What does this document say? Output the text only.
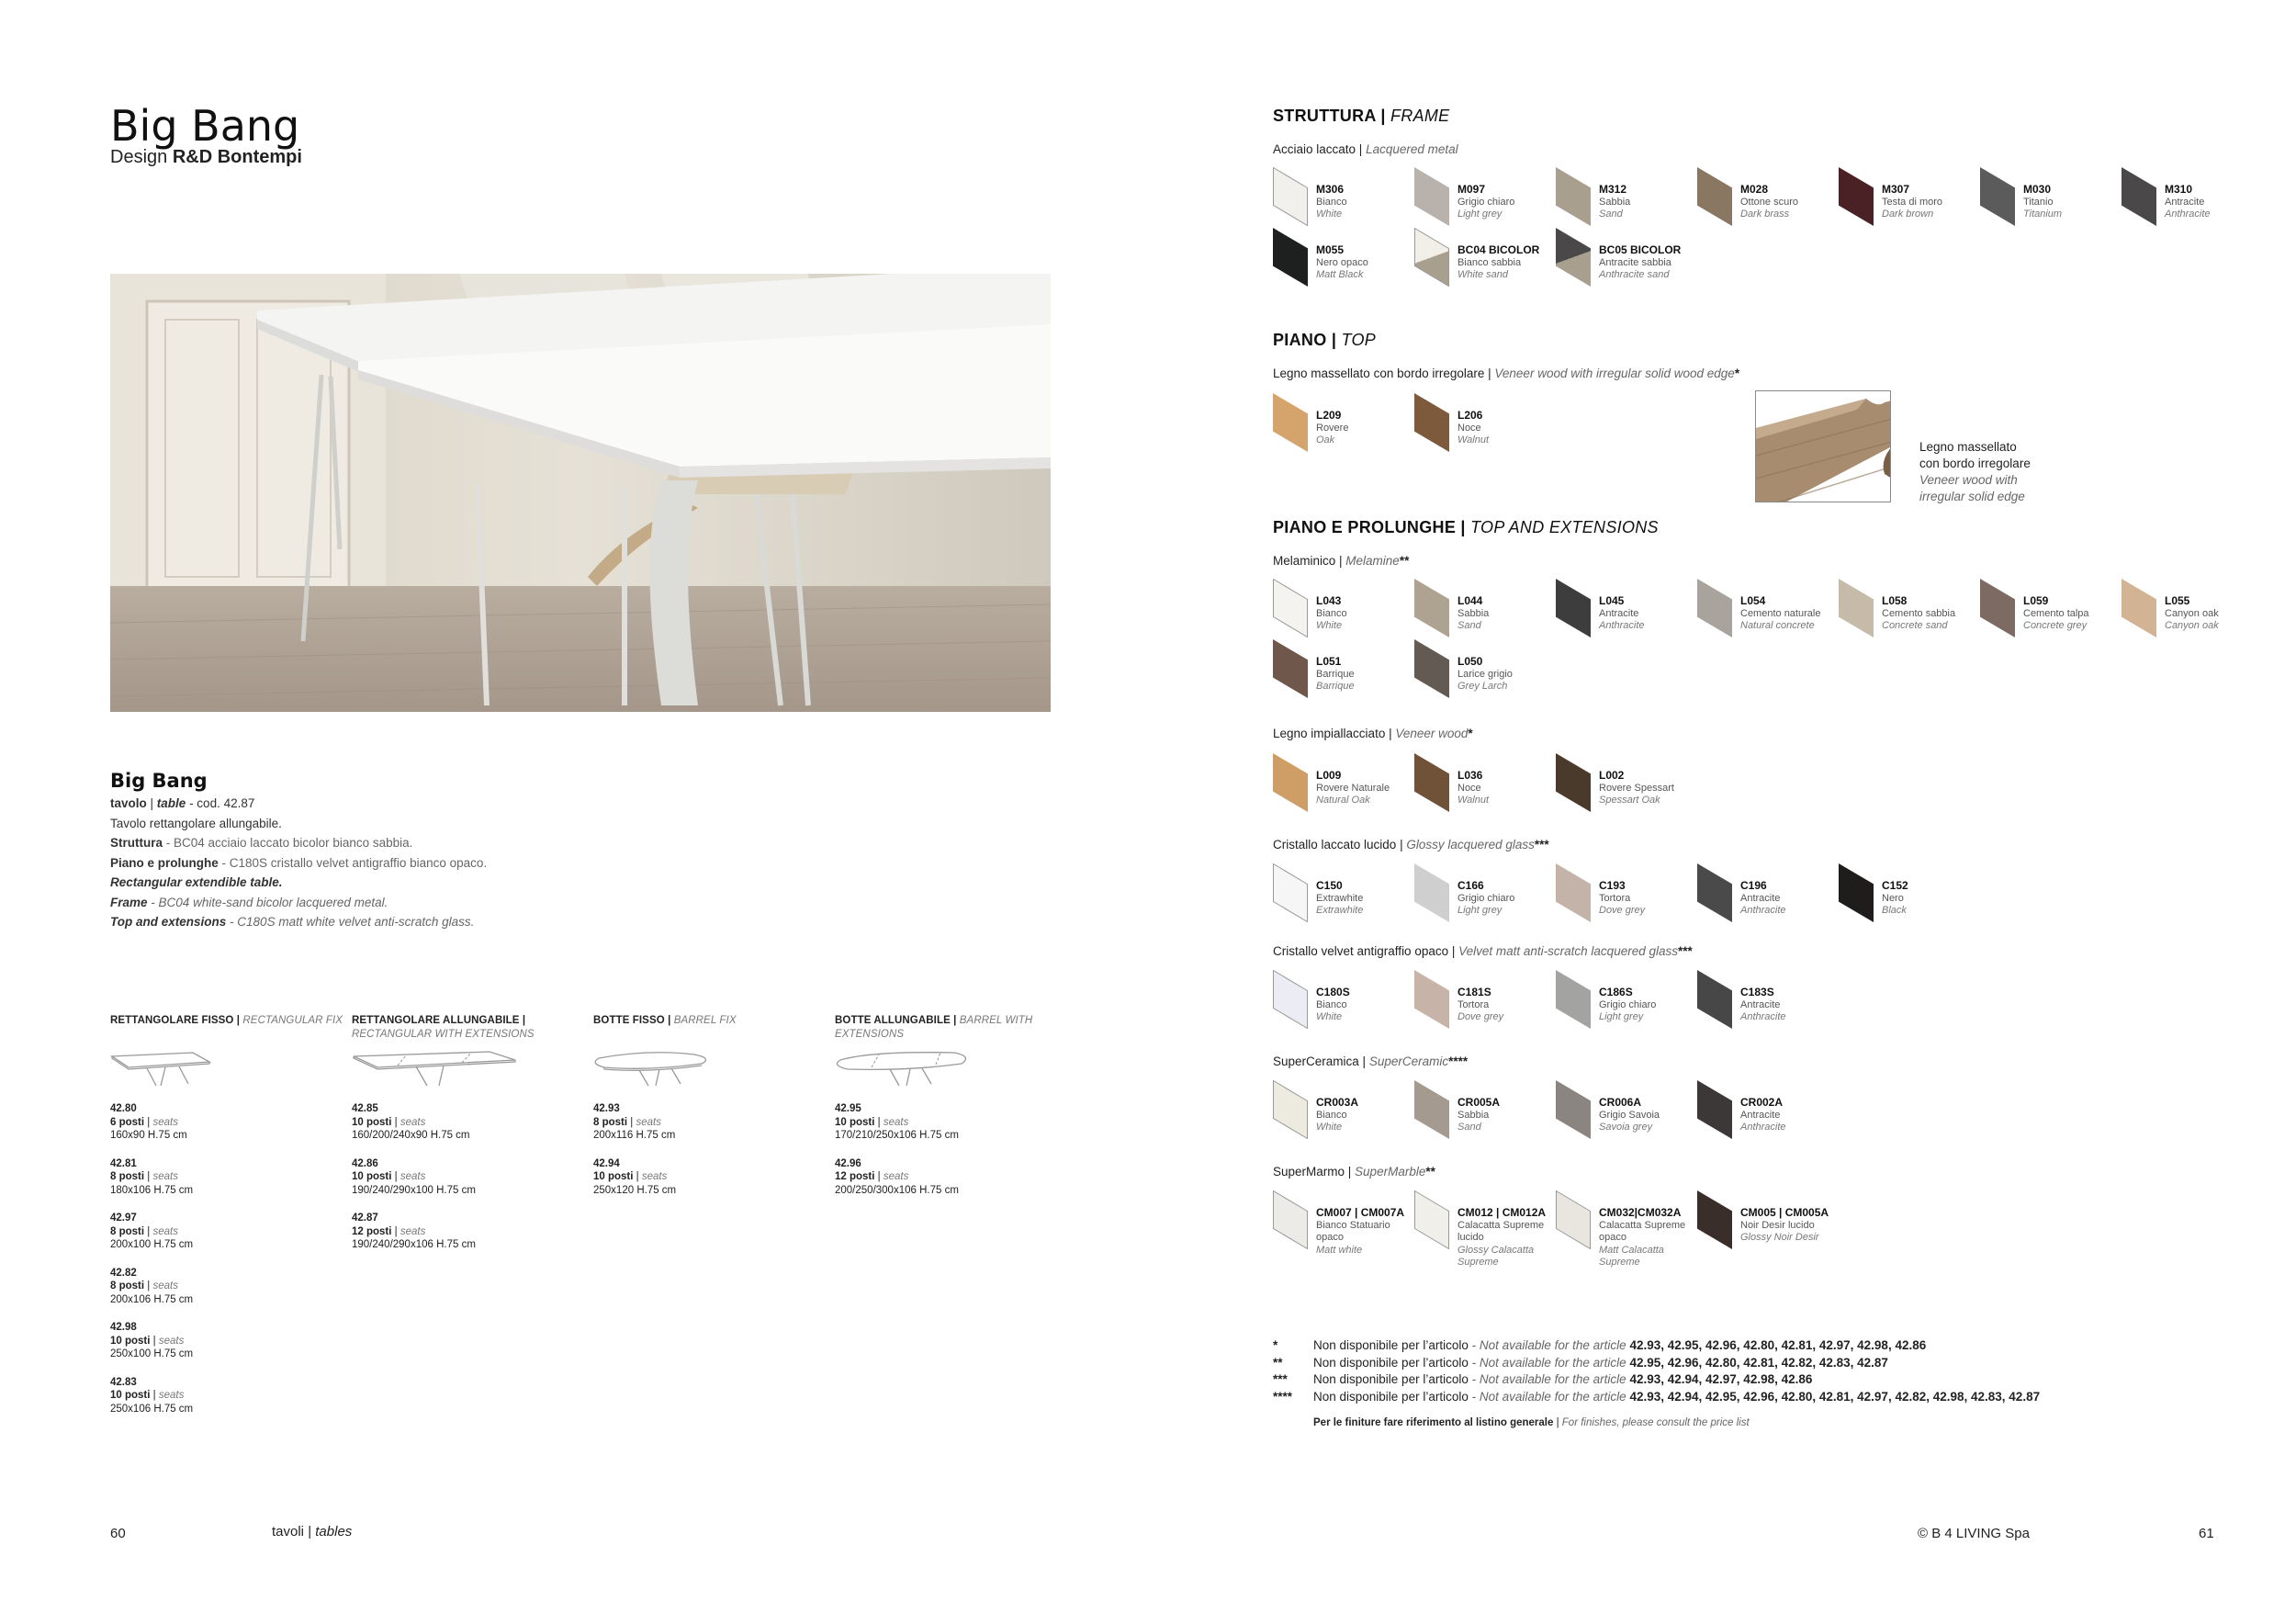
Big Bang
Design R&D Bontempi
Big Bang
tavolo | table - cod. 42.87
Tavolo rettangolare allungabile.
Struttura - BC04 acciaio laccato bicolor bianco sabbia.
Piano e prolunghe - C180S cristallo velvet antigraffio bianco opaco.
Rectangular extendible table.
Frame - BC04 white-sand bicolor lacquered metal.
Top and extensions - C180S matt white velvet anti-scratch glass.
RETTANGOLARE FISSO | RECTANGULAR FIX
42.80
6 posti | seats
160x90 H.75 cm
42.81
8 posti | seats
180x106 H.75 cm
42.97
8 posti | seats
200x100 H.75 cm
42.82
8 posti | seats
200x106 H.75 cm
42.98
10 posti | seats
250x100 H.75 cm
42.83
10 posti | seats
250x106 H.75 cm
RETTANGOLARE ALLUNGABILE | RECTANGULAR WITH EXTENSIONS
42.85
10 posti | seats
160/200/240x90 H.75 cm
42.86
10 posti | seats
190/240/290x100 H.75 cm
42.87
12 posti | seats
190/240/290x106 H.75 cm
BOTTE FISSO | BARREL FIX
42.93
8 posti | seats
200x116 H.75 cm
42.94
10 posti | seats
250x120 H.75 cm
BOTTE ALLUNGABILE | BARREL WITH EXTENSIONS
42.95
10 posti | seats
170/210/250x106 H.75 cm
42.96
12 posti | seats
200/250/300x106 H.75 cm
60	tavoli | tables
STRUTTURA | FRAME
Acciaio laccato | Lacquered metal
M306
Bianco
White
M097
Grigio chiaro
Light grey
M312
Sabbia
Sand
M028
Ottone scuro
Dark brass
M307
Testa di moro
Dark brown
M030
Titanio
Titanium
M310
Antracite
Anthracite
M055
Nero opaco
Matt Black
BC04 BICOLOR
Bianco sabbia
White sand
BC05 BICOLOR
Antracite sabbia
Anthracite sand
PIANO | TOP
Legno massellato con bordo irregolare | Veneer wood with irregular solid wood edge*
L209
Rovere
Oak
L206
Noce
Walnut
PIANO E PROLUNGHE | TOP AND EXTENSIONS
Melaminico | Melamine**
L043
Bianco
White
L044
Sabbia
Sand
L045
Antracite
Anthracite
L054
Cemento naturale
Natural concrete
L058
Cemento sabbia
Concrete sand
L059
Cemento talpa
Concrete grey
L055
Canyon oak
Canyon oak
L051
Barrique
Barrique
L050
Larice grigio
Grey Larch
Legno impiallacciato | Veneer wood*
L009
Rovere Naturale
Natural Oak
L036
Noce
Walnut
L002
Rovere Spessart
Spessart Oak
Cristallo laccato lucido | Glossy lacquered glass***
C150
Extrawhite
Extrawhite
C166
Grigio chiaro
Light grey
C193
Tortora
Dove grey
C196
Antracite
Anthracite
C152
Nero
Black
Cristallo velvet antigraffio opaco | Velvet matt anti-scratch lacquered glass***
C180S
Bianco
White
C181S
Tortora
Dove grey
C186S
Grigio chiaro
Light grey
C183S
Antracite
Anthracite
SuperCeramica | SuperCeramic****
CR003A
Bianco
White
CR005A
Sabbia
Sand
CR006A
Grigio Savoia
Savoia grey
CR002A
Antracite
Anthracite
SuperMarmo | SuperMarble**
CM007 | CM007A
Bianco Statuario
opaco
Matt white
CM012 | CM012A
Calacatta Supreme
lucido
Glossy Calacatta Supreme
CM032|CM032A
Calacatta Supreme
opaco
Matt Calacatta Supreme
CM005 | CM005A
Noir Desir lucido
Glossy Noir Desir
Legno massellato
con bordo irregolare
Veneer wood with
irregular solid edge
*	Non disponibile per l’articolo - Not available for the article 42.93, 42.95, 42.96, 42.80, 42.81, 42.97, 42.98, 42.86
**	Non disponibile per l’articolo - Not available for the article 42.95, 42.96, 42.80, 42.81, 42.82, 42.83, 42.87
***	Non disponibile per l’articolo - Not available for the article 42.93, 42.94, 42.97, 42.98, 42.86
****	Non disponibile per l’articolo - Not available for the article 42.93, 42.94, 42.95, 42.96, 42.80, 42.81, 42.97, 42.82, 42.98, 42.83, 42.87
Per le finiture fare riferimento al listino generale | For finishes, please consult the price list
© B 4 LIVING Spa	61
